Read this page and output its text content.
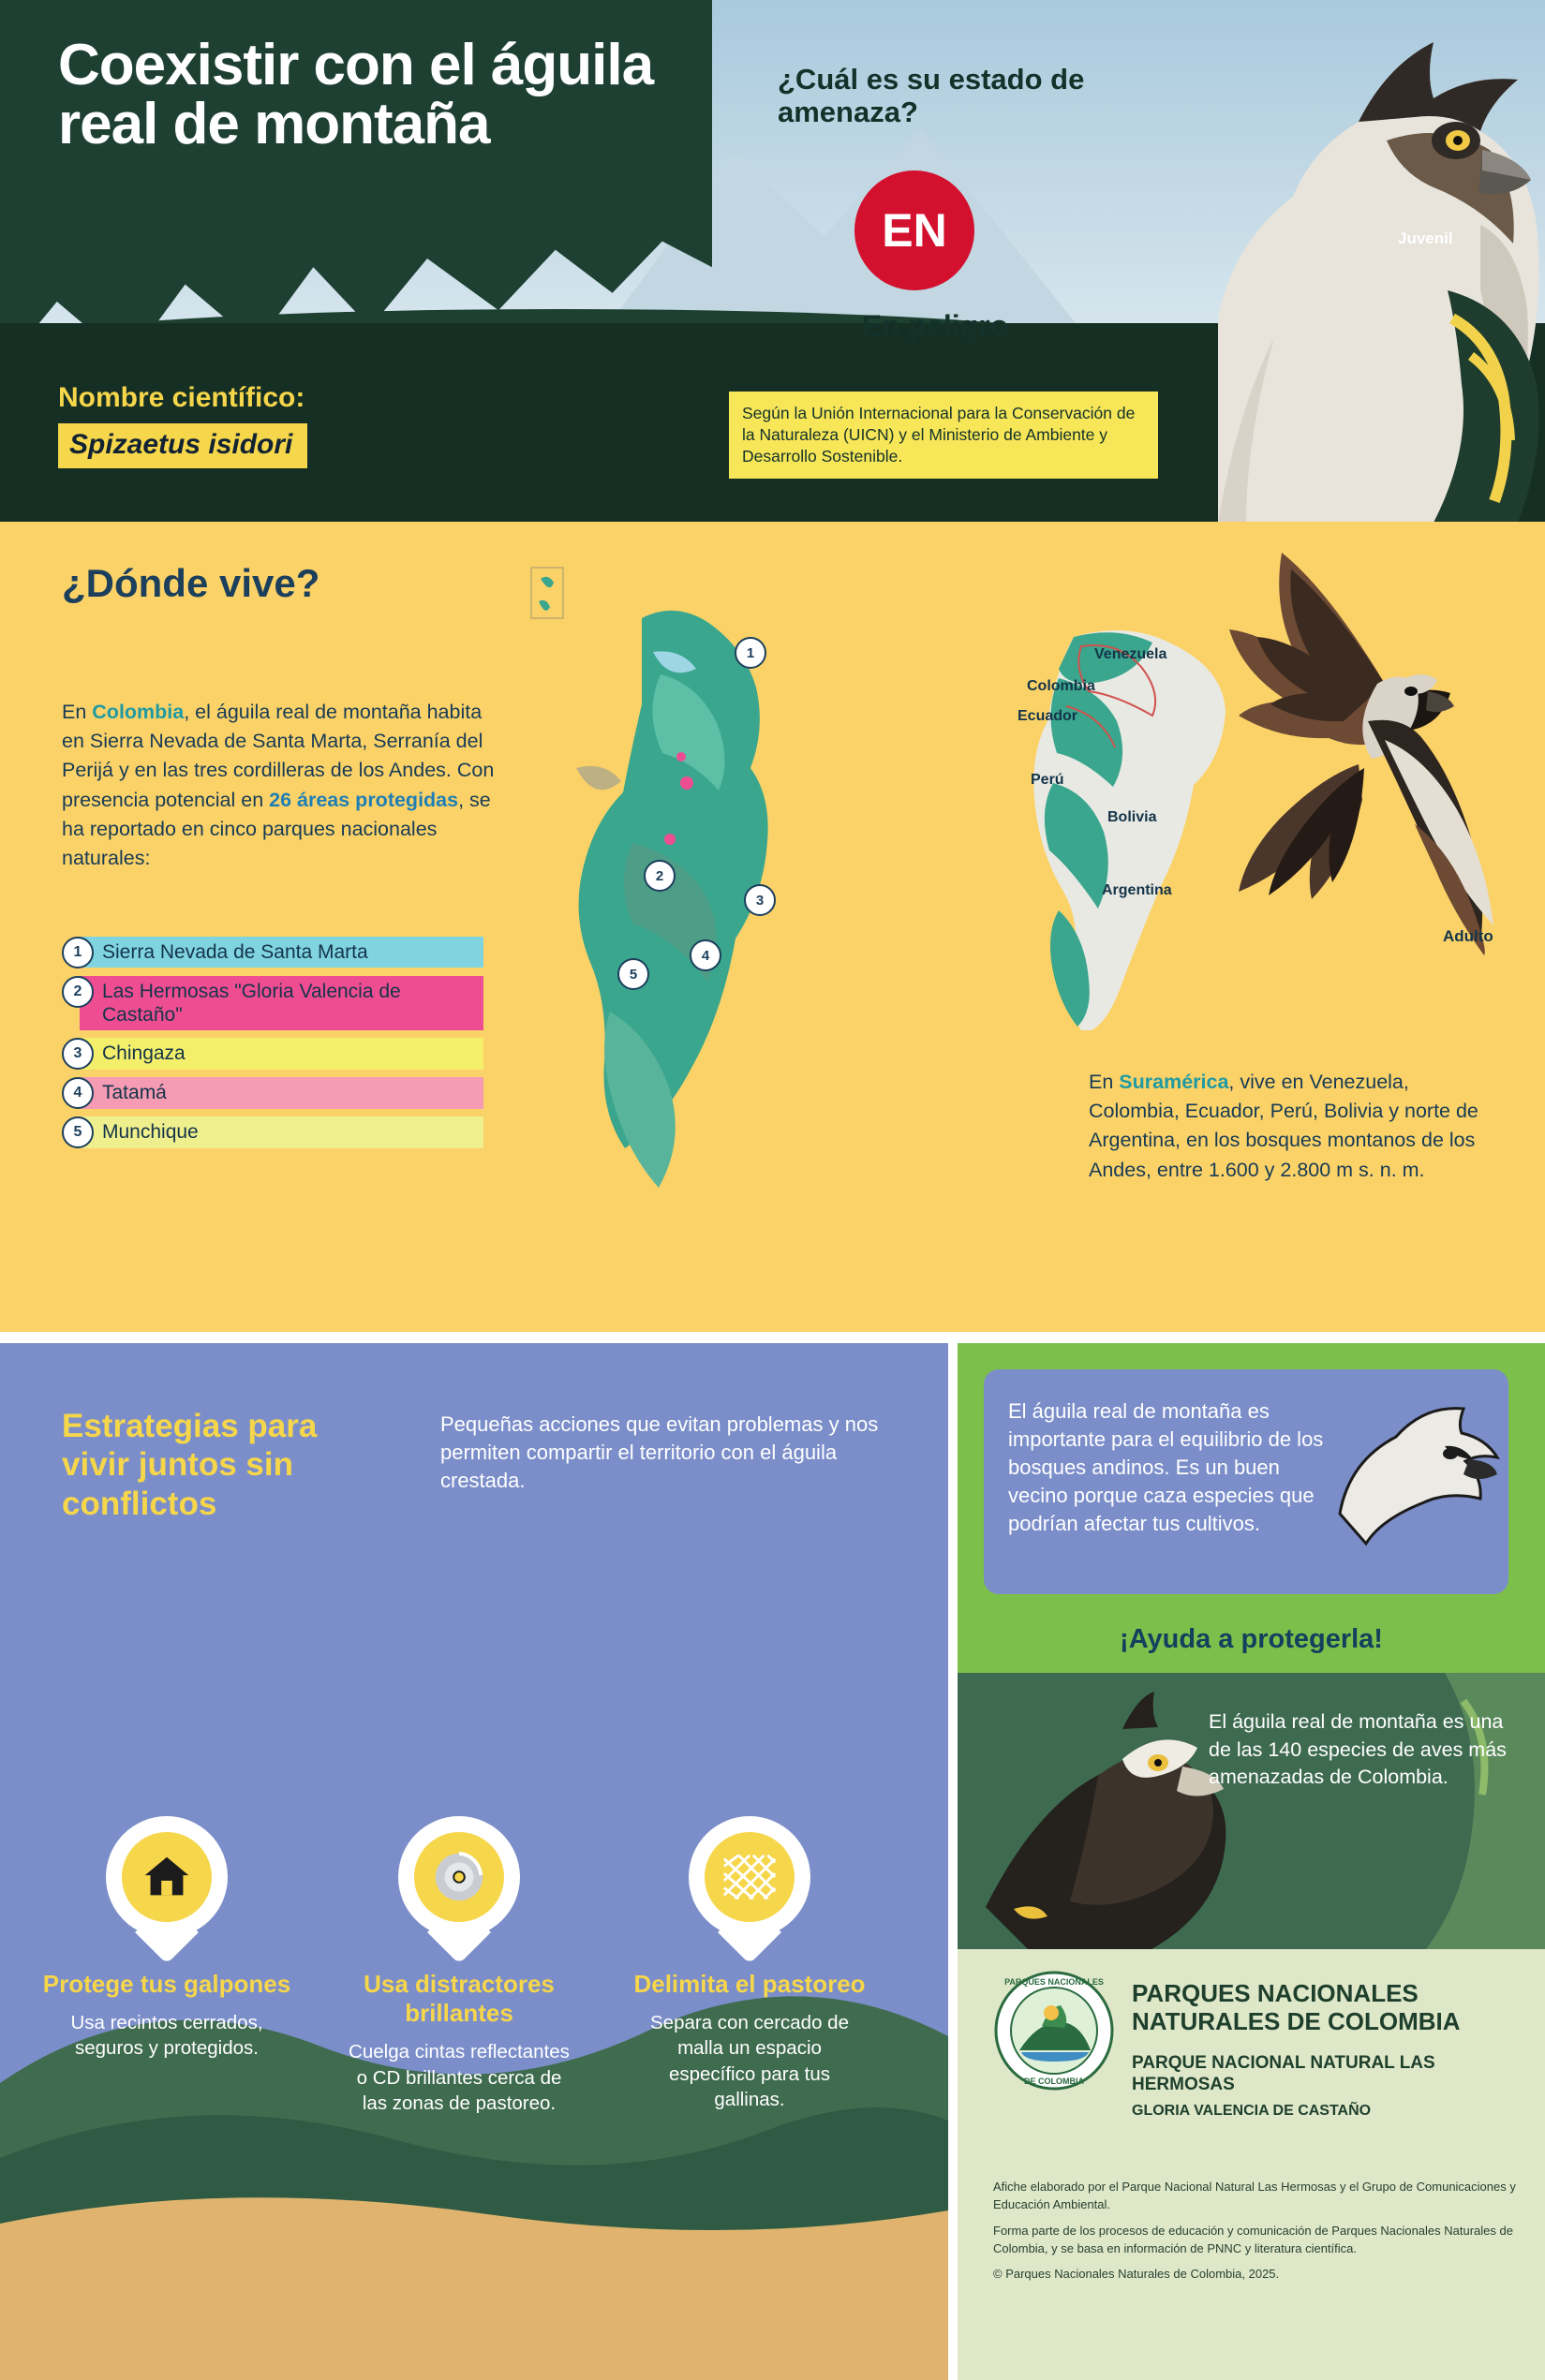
Coexistir con el águila real de montaña
Nombre científico:
Spizaetus isidori
¿Cuál es su estado de amenaza?
EN
En peligro
Según la Unión Internacional para la Conservación de la Naturaleza (UICN) y el Ministerio de Ambiente y Desarrollo Sostenible.
Juvenil
¿Dónde vive?
En Colombia, el águila real de montaña habita en Sierra Nevada de Santa Marta, Serranía del Perijá y en las tres cordilleras de los Andes. Con presencia potencial en 26 áreas protegidas, se ha reportado en cinco parques nacionales naturales:
1	Sierra Nevada de Santa Marta
2	Las Hermosas "Gloria Valencia de Castaño"
3	Chingaza
4	Tatamá
5	Munchique
1
2
3
4
5
Venezuela
Colombia
Ecuador
Perú
Bolivia
Argentina
Adulto
En Suramérica, vive en Venezuela, Colombia, Ecuador, Perú, Bolivia y norte de Argentina, en los bosques montanos de los Andes, entre 1.600 y 2.800 m s. n. m.
Estrategias para vivir juntos sin conflictos
Pequeñas acciones que evitan problemas y nos permiten compartir el territorio con el águila crestada.
Protege tus galpones

Usa recintos cerrados, seguros y protegidos.

Usa distractores brillantes

Cuelga cintas reflectantes o CD brillantes cerca de las zonas de pastoreo.

Delimita el pastoreo

Separa con cercado de malla un espacio específico para tus gallinas.

El águila real de montaña es importante para el equilibrio de los bosques andinos. Es un buen vecino porque caza especies que podrían afectar tus cultivos.
¡Ayuda a protegerla!
El águila real de montaña es una de las 140 especies de aves más amenazadas de Colombia.
PARQUES NACIONALES
DE COLOMBIA
PARQUES NACIONALES NATURALES DE COLOMBIA
PARQUE NACIONAL NATURAL LAS HERMOSAS
GLORIA VALENCIA DE CASTAÑO

Afiche elaborado por el Parque Nacional Natural Las Hermosas y el Grupo de Comunicaciones y Educación Ambiental.

Forma parte de los procesos de educación y comunicación de Parques Nacionales Naturales de Colombia, y se basa en información de PNNC y literatura científica.

© Parques Nacionales Naturales de Colombia, 2025.
